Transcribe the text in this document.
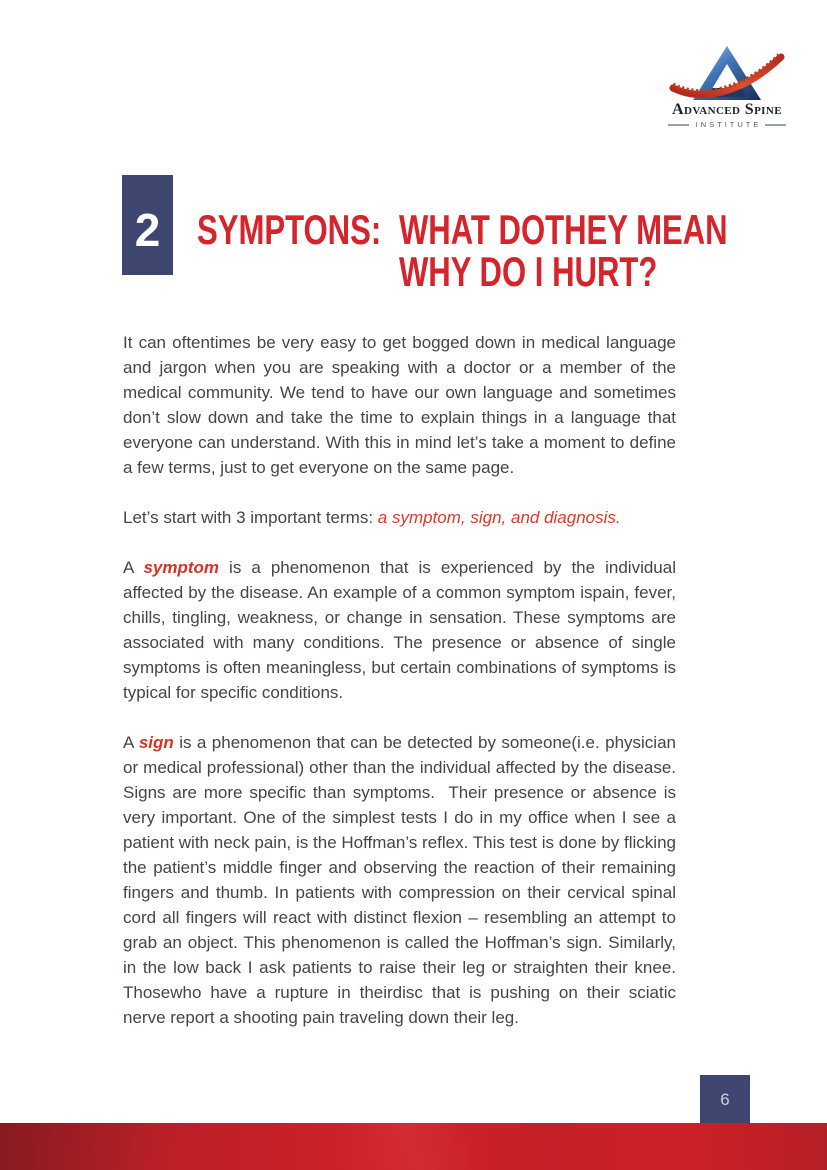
Advanced Spine
INSTITUTE
2 SYMPTONS: WHAT DOTHEY MEAN
WHY DO I HURT?

It can oftentimes be very easy to get bogged down in medical language and jargon when you are speaking with a doctor or a member of the medical community. We tend to have our own language and sometimes don’t slow down and take the time to explain things in a language that everyone can understand. With this in mind let’s take a moment to define a few terms, just to get everyone on the same page.

Let’s start with 3 important terms: a symptom, sign, and diagnosis.

A symptom is a phenomenon that is experienced by the individual affected by the disease. An example of a common symptom ispain, fever, chills, tingling, weakness, or change in sensation. These symptoms are associated with many conditions. The presence or absence of single symptoms is often meaningless, but certain combinations of symptoms is typical for specific conditions.

A sign is a phenomenon that can be detected by someone(i.e. physician or medical professional) other than the individual affected by the disease. Signs are more specific than symptoms.  Their presence or absence is very important. One of the simplest tests I do in my office when I see a patient with neck pain, is the Hoffman’s reflex. This test is done by flicking the patient’s middle finger and observing the reaction of their remaining fingers and thumb. In patients with compression on their cervical spinal cord all fingers will react with distinct flexion – resembling an attempt to grab an object. This phenomenon is called the Hoffman’s sign. Similarly, in the low back I ask patients to raise their leg or straighten their knee. Thosewho have a rupture in theirdisc that is pushing on their sciatic nerve report a shooting pain traveling down their leg.

6
